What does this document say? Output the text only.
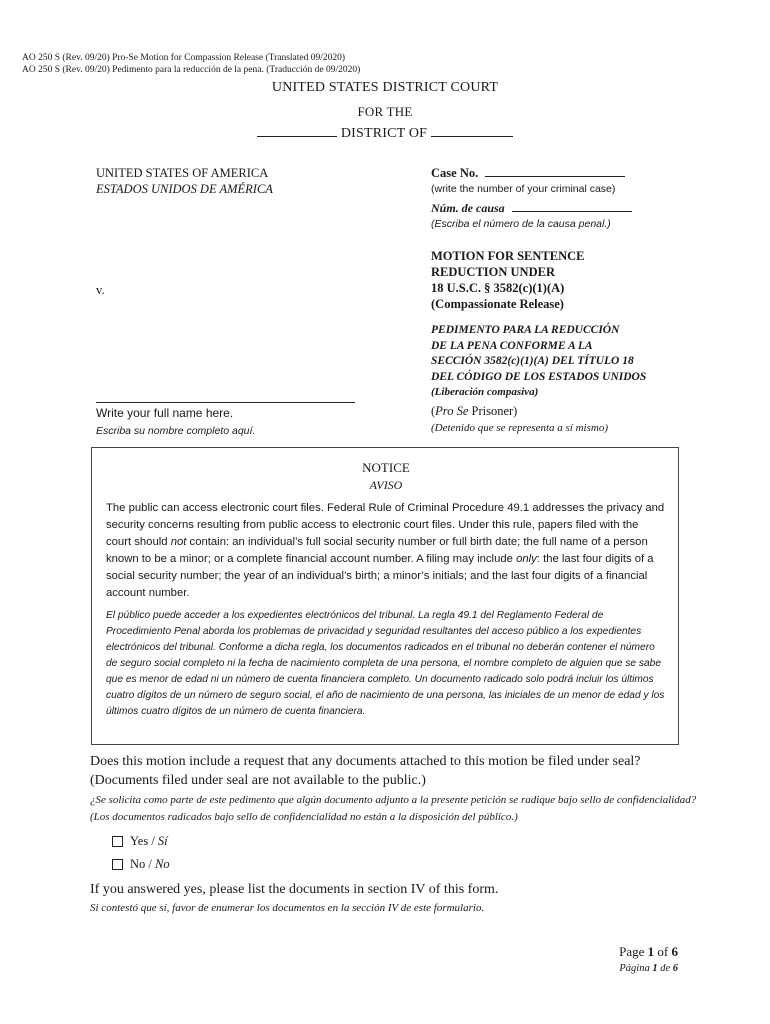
AO 250 S (Rev. 09/20) Pro-Se Motion for Compassion Release (Translated 09/2020)
AO 250 S (Rev. 09/20) Pedimento para la reducción de la pena. (Traducción de 09/2020)
UNITED STATES DISTRICT COURT
FOR THE
DISTRICT OF
UNITED STATES OF AMERICA
ESTADOS UNIDOS DE AMÉRICA
v.
Write your full name here.
Escriba su nombre completo aquí.
Case No.
(write the number of your criminal case)
Núm. de causa
(Escriba el número de la causa penal.)
MOTION FOR SENTENCE
REDUCTION UNDER
18 U.S.C. § 3582(c)(1)(A)
(Compassionate Release)
PEDIMENTO PARA LA REDUCCIÓN
DE LA PENA CONFORME A LA
SECCIÓN 3582(c)(1)(A) DEL TÍTULO 18
DEL CÓDIGO DE LOS ESTADOS UNIDOS
(Liberación compasiva)
(Pro Se Prisoner)
(Detenido que se representa a sí mismo)
NOTICE
AVISO
The public can access electronic court files. Federal Rule of Criminal Procedure 49.1 addresses the privacy and security concerns resulting from public access to electronic court files. Under this rule, papers filed with the court should not contain: an individual’s full social security number or full birth date; the full name of a person known to be a minor; or a complete financial account number. A filing may include only: the last four digits of a social security number; the year of an individual’s birth; a minor’s initials; and the last four digits of a financial account number.
El público puede acceder a los expedientes electrónicos del tribunal. La regla 49.1 del Reglamento Federal de Procedimiento Penal aborda los problemas de privacidad y seguridad resultantes del acceso público a los expedientes electrónicos del tribunal. Conforme a dicha regla, los documentos radicados en el tribunal no deberán contener el número de seguro social completo ni la fecha de nacimiento completa de una persona, el nombre completo de alguien que se sabe que es menor de edad ni un número de cuenta financiera completo. Un documento radicado solo podrá incluir los últimos cuatro dígitos de un número de seguro social, el año de nacimiento de una persona, las iniciales de un menor de edad y los últimos cuatro dígitos de un número de cuenta financiera.
Does this motion include a request that any documents attached to this motion be filed under seal?
(Documents filed under seal are not available to the public.)
¿Se solicita como parte de este pedimento que algún documento adjunto a la presente petición se radique bajo sello de confidencialidad? (Los documentos radicados bajo sello de confidencialidad no están a la disposición del público.)
Yes / Sí
No / No
If you answered yes, please list the documents in section IV of this form.
Si contestó que sí, favor de enumerar los documentos en la sección IV de este formulario.
Page 1 of 6
Página 1 de 6
